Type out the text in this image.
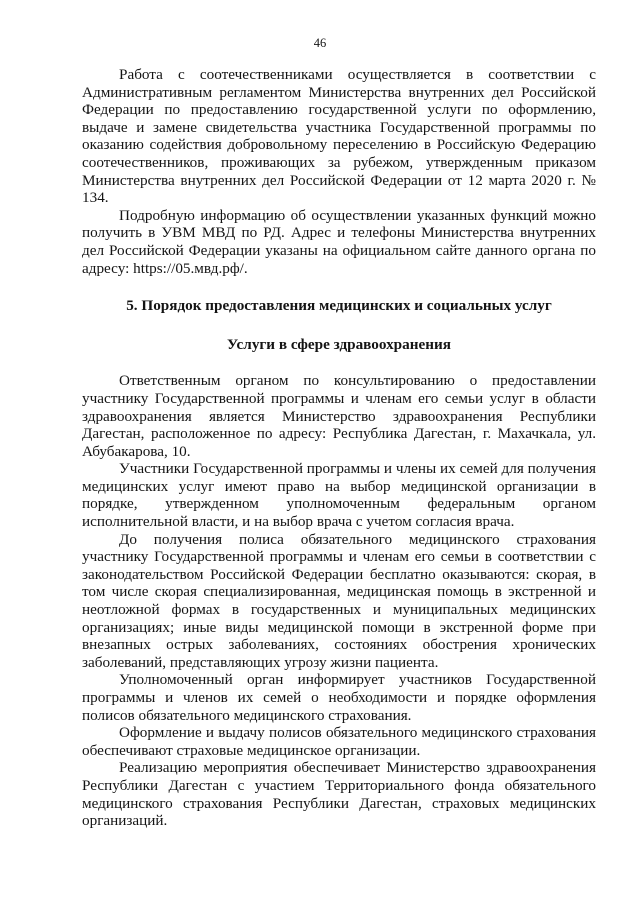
46

Работа с соотечественниками осуществляется в соответствии с Административным регламентом Министерства внутренних дел Российской Федерации по предоставлению государственной услуги по оформлению, выдаче и замене свидетельства участника Государственной программы по оказанию содействия добровольному переселению в Российскую Федерацию соотечественников, проживающих за рубежом, утвержденным приказом Министерства внутренних дел Российской Федерации от 12 марта 2020 г. № 134.

Подробную информацию об осуществлении указанных функций можно получить в УВМ МВД по РД. Адрес и телефоны Министерства внутренних дел Российской Федерации указаны на официальном сайте данного органа по адресу: https://05.мвд.рф/.

5. Порядок предоставления медицинских и социальных услуг
Услуги в сфере здравоохранения

Ответственным органом по консультированию о предоставлении участнику Государственной программы и членам его семьи услуг в области здравоохранения является Министерство здравоохранения Республики Дагестан, расположенное по адресу: Республика Дагестан, г. Махачкала, ул. Абубакарова, 10.

Участники Государственной программы и члены их семей для получения медицинских услуг имеют право на выбор медицинской организации в порядке, утвержденном уполномоченным федеральным органом исполнительной власти, и на выбор врача с учетом согласия врача.

До получения полиса обязательного медицинского страхования участнику Государственной программы и членам его семьи в соответствии с законодательством Российской Федерации бесплатно оказываются: скорая, в том числе скорая специализированная, медицинская помощь в экстренной и неотложной формах в государственных и муниципальных медицинских организациях; иные виды медицинской помощи в экстренной форме при внезапных острых заболеваниях, состояниях обострения хронических заболеваний, представляющих угрозу жизни пациента.

Уполномоченный орган информирует участников Государственной программы и членов их семей о необходимости и порядке оформления полисов обязательного медицинского страхования.

Оформление и выдачу полисов обязательного медицинского страхования обеспечивают страховые медицинское организации.

Реализацию мероприятия обеспечивает Министерство здравоохранения Республики Дагестан с участием Территориального фонда обязательного медицинского страхования Республики Дагестан, страховых медицинских организаций.
